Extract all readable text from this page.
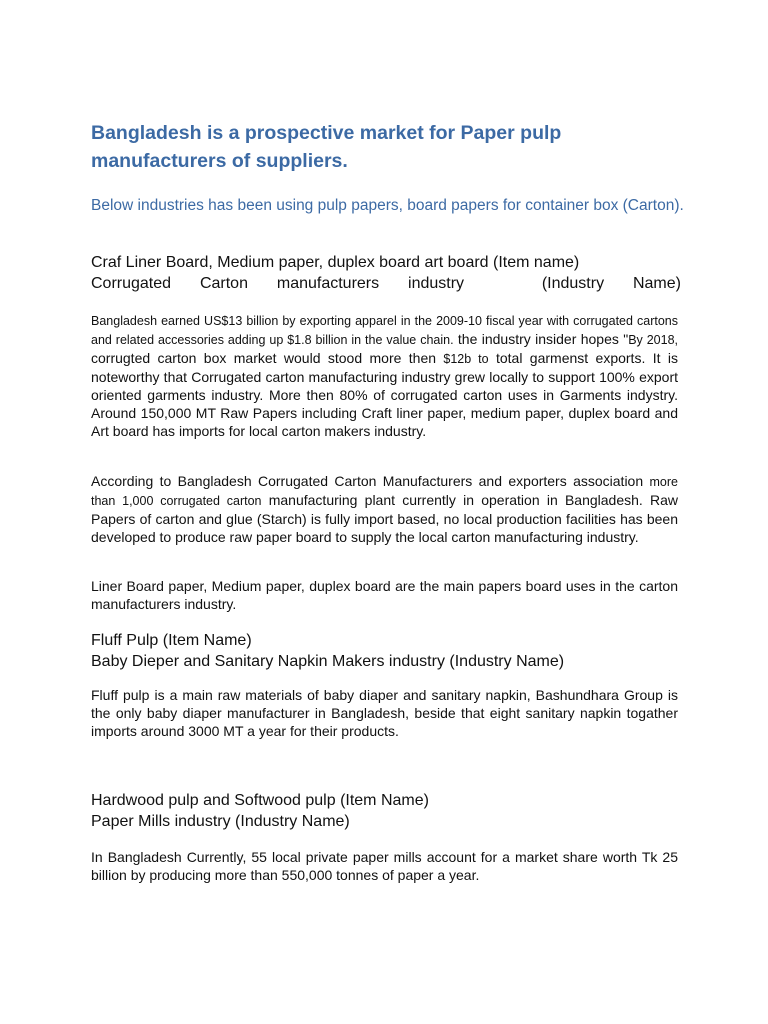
Bangladesh is a prospective market for Paper pulp manufacturers of suppliers.
Below industries has been using pulp papers, board papers for container box (Carton).
Craf Liner Board, Medium paper, duplex board art board (Item name)
Corrugated Carton manufacturers industry	(Industry Name)
Bangladesh earned US$13 billion by exporting apparel in the 2009-10 fiscal year with corrugated cartons and related accessories adding up $1.8 billion in the value chain. the industry insider hopes "By 2018, corrugted carton box market would stood more then $12b to total garmenst exports. It is noteworthy that Corrugated carton manufacturing industry grew locally to support 100% export oriented garments industry. More then 80% of corrugated carton uses in Garments indystry. Around 150,000 MT Raw Papers including Craft liner paper, medium paper, duplex board and Art board has imports for local carton makers industry.
According to Bangladesh Corrugated Carton Manufacturers and exporters association more than 1,000 corrugated carton manufacturing plant currently in operation in Bangladesh. Raw Papers of carton and glue (Starch) is fully import based, no local production facilities has been developed to produce raw paper board to supply the local carton manufacturing industry.
Liner Board paper, Medium paper, duplex board are the main papers board uses in the carton manufacturers industry.
Fluff Pulp (Item Name)
Baby Dieper and Sanitary Napkin Makers industry (Industry Name)
Fluff pulp is a main raw materials of baby diaper and sanitary napkin, Bashundhara Group is the only baby diaper manufacturer in Bangladesh, beside that eight sanitary napkin togather imports around 3000 MT a year for their products.
Hardwood pulp and Softwood pulp (Item Name)
Paper Mills industry (Industry Name)
In Bangladesh Currently, 55 local private paper mills account for a market share worth Tk 25 billion by producing more than 550,000 tonnes of paper a year.
